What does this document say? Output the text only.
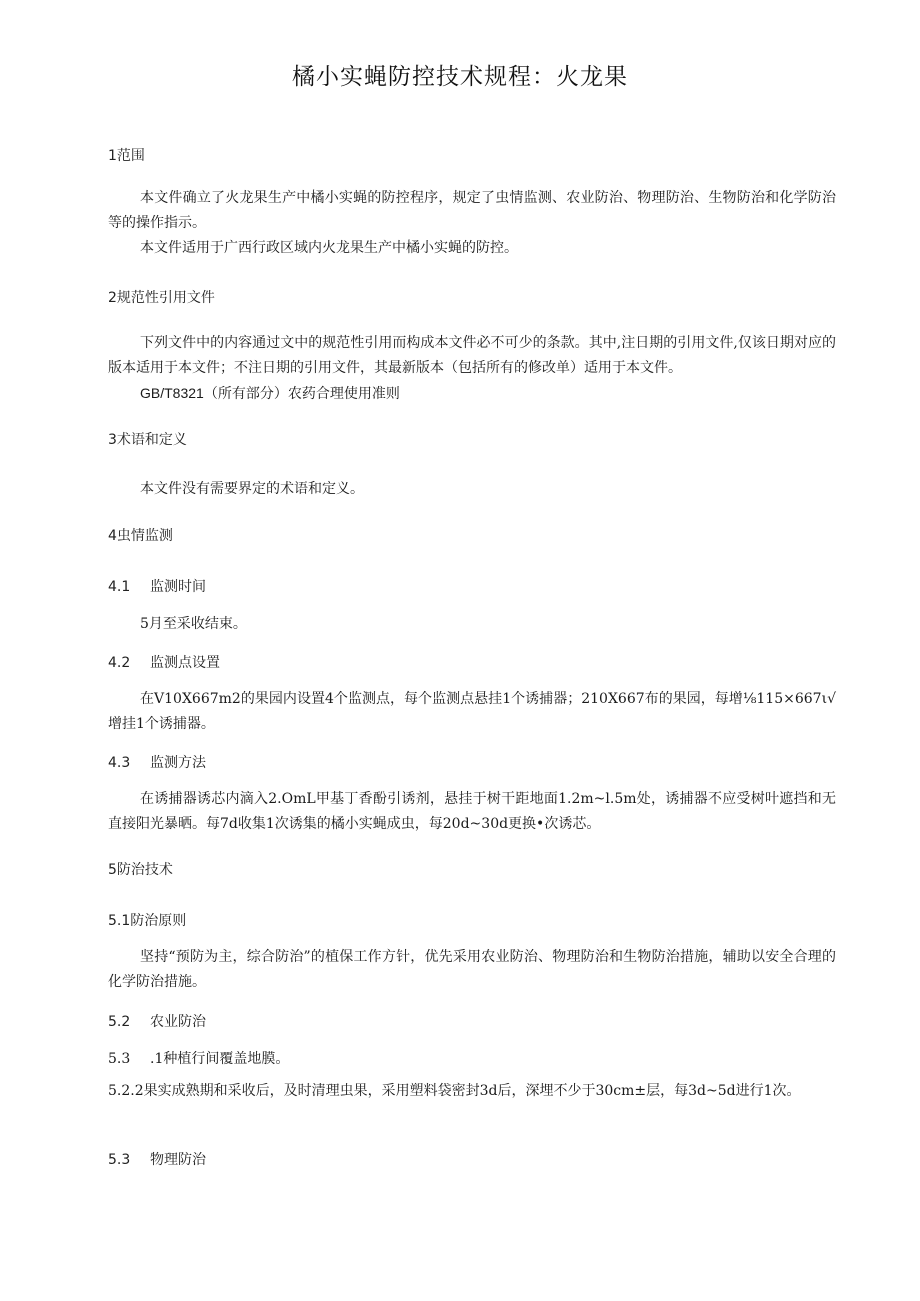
橘小实蝇防控技术规程：火龙果
1范围
本文件确立了火龙果生产中橘小实蝇的防控程序，规定了虫情监测、农业防治、物理防治、生物防治和化学防治等的操作指示。
本文件适用于广西行政区域内火龙果生产中橘小实蝇的防控。
2规范性引用文件
下列文件中的内容通过文中的规范性引用而构成本文件必不可少的条款。其中,注日期的引用文件,仅该日期对应的版本适用于本文件；不注日期的引用文件，其最新版本（包括所有的修改单）适用于本文件。
GB/T8321（所有部分）农药合理使用准则
3术语和定义
本文件没有需要界定的术语和定义。
4虫情监测
4.1 监测时间
5月至采收结束。
4.2 监测点设置
在V10X667m2的果园内设置4个监测点，每个监测点悬挂1个诱捕器；210X667布的果园，每增⅛115×667ι√增挂1个诱捕器。
4.3 监测方法
在诱捕器诱芯内滴入2.OmL甲基丁香酚引诱剂，悬挂于树干距地面1.2m~l.5m处，诱捕器不应受树叶遮挡和无直接阳光暴晒。每7d收集1次诱集的橘小实蝇成虫，每20d~30d更换•次诱芯。
5防治技术
5.1防治原则
坚持“预防为主，综合防治”的植保工作方针，优先采用农业防治、物理防治和生物防治措施，辅助以安全合理的化学防治措施。
5.2 农业防治
5.3 .1种植行间覆盖地膜。
5.2.2果实成熟期和采收后，及时清理虫果，采用塑料袋密封3d后，深埋不少于30cm±层，每3d~5d进行1次。
5.3 物理防治
